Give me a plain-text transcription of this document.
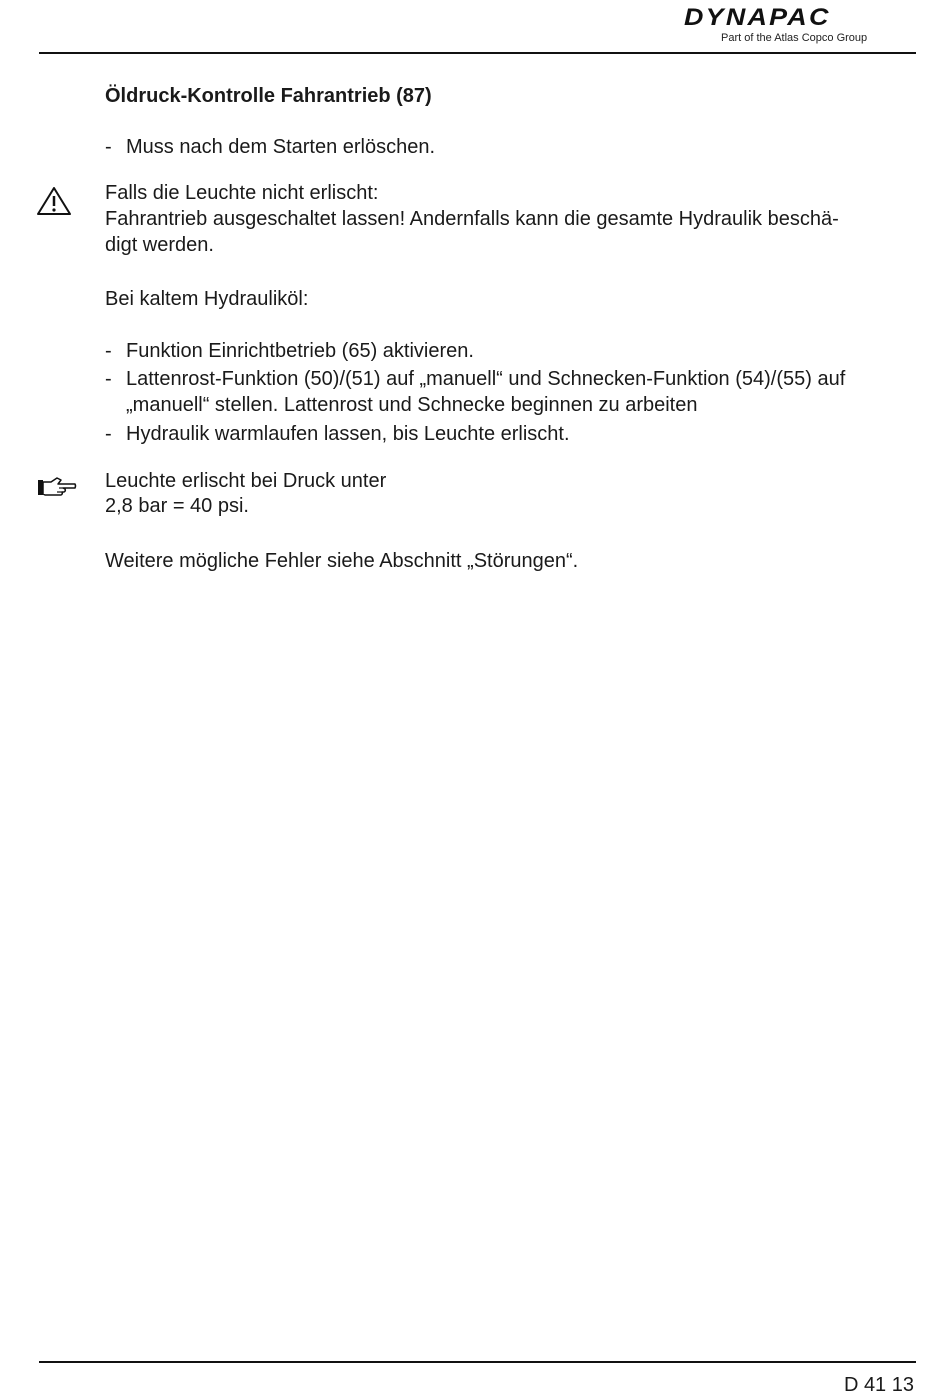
DYNAPAC
Part of the Atlas Copco Group
Öldruck-Kontrolle Fahrantrieb (87)
- Muss nach dem Starten erlöschen.
Falls die Leuchte nicht erlischt:
Fahrantrieb ausgeschaltet lassen! Andernfalls kann die gesamte Hydraulik beschä-
digt werden.
Bei kaltem Hydrauliköl:
- Funktion Einrichtbetrieb (65) aktivieren.
- Lattenrost-Funktion (50)/(51) auf „manuell“ und Schnecken-Funktion (54)/(55) auf
„manuell“ stellen. Lattenrost und Schnecke beginnen zu arbeiten
- Hydraulik warmlaufen lassen, bis Leuchte erlischt.
Leuchte erlischt bei Druck unter
2,8 bar = 40 psi.
Weitere mögliche Fehler siehe Abschnitt „Störungen“.
D 41 13
